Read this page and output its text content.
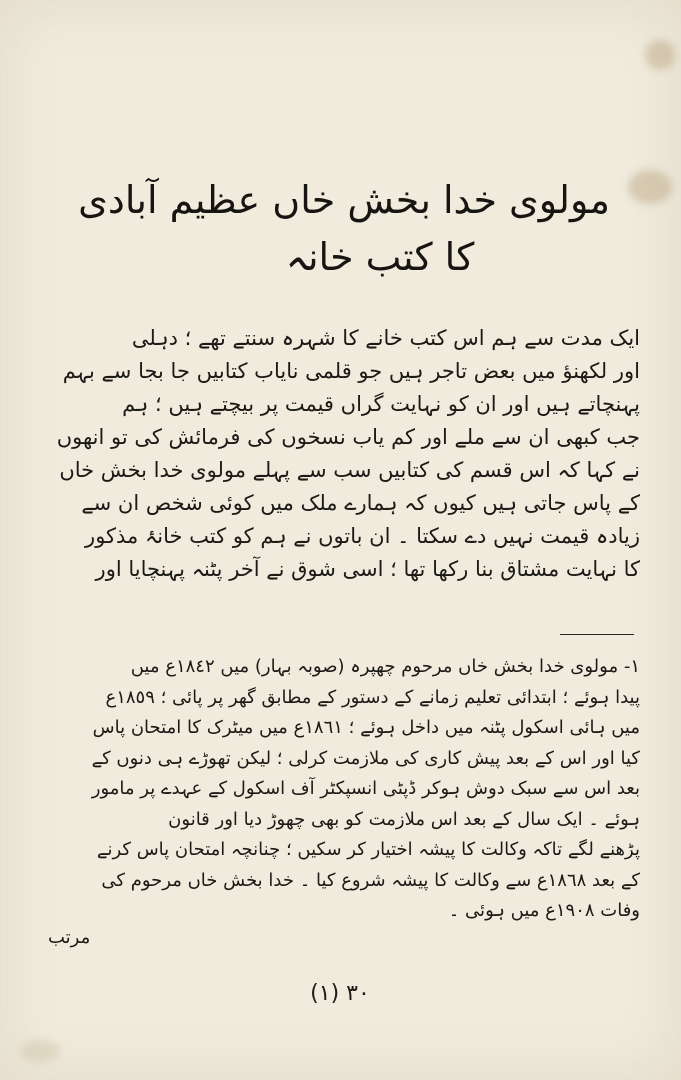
مولوی خدا بخش خاں عظیم آبادی
کا کتب خانہ
ایک مدت سے ہم اس کتب خانے کا شہرہ سنتے تھے ؛ دہلی
اور لکھنؤ میں بعض تاجر ہیں جو قلمی نایاب کتابیں جا بجا سے بہم
پہنچاتے ہیں اور ان کو نہایت گراں قیمت پر بیچتے ہیں ؛ ہم
جب کبھی ان سے ملے اور کم یاب نسخوں کی فرمائش کی تو انھوں
نے کہا کہ اس قسم کی کتابیں سب سے پہلے مولوی خدا بخش خاں
کے پاس جاتی ہیں کیوں کہ ہمارے ملک میں کوئی شخص ان سے
زیادہ قیمت نہیں دے سکتا ۔ ان باتوں نے ہم کو کتب خانۂ مذکور
کا نہایت مشتاق بنا رکھا تھا ؛ اسی شوق نے آخر پٹنہ پہنچایا اور
١- مولوی خدا بخش خاں مرحوم چھپرہ (صوبہ بہار) میں ١٨٤٢ع میں
پیدا ہوئے ؛ ابتدائی تعلیم زمانے کے دستور کے مطابق گھر پر پائی ؛ ١٨٥٩ع
میں ہائی اسکول پٹنہ میں داخل ہوئے ؛ ١٨٦١ع میں میٹرک کا امتحان پاس
کیا اور اس کے بعد پیش کاری کی ملازمت کرلی ؛ لیکن تھوڑے ہی دنوں کے
بعد اس سے سبک دوش ہوکر ڈپٹی انسپکٹر آف اسکول کے عہدے پر مامور
ہوئے ۔ ایک سال کے بعد اس ملازمت کو بھی چھوڑ دیا اور قانون
پڑھنے لگے تاکہ وکالت کا پیشہ اختیار کر سکیں ؛ چنانچہ امتحان پاس کرنے
کے بعد ١٨٦٨ع سے وکالت کا پیشہ شروع کیا ۔ خدا بخش خاں مرحوم کی
وفات ١٩٠٨ع میں ہوئی ۔
مرتب
٣٠ (١)
